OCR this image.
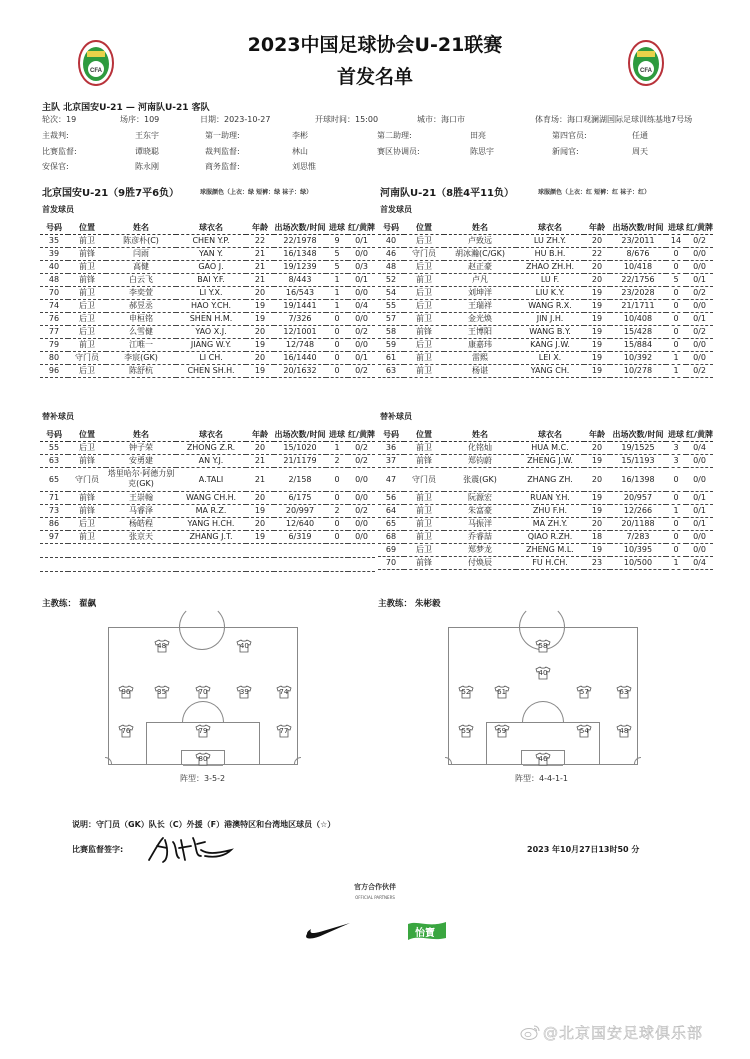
2023中国足球协会U-21联赛
首发名单
CFA	CFA
主队 北京国安U-21 — 河南队U-21 客队
轮次：19	场序：109	日期：2023-10-27	开球时间：15:00	城市：海口市	体育场：海口观澜湖国际足球训练基地7号场
主裁判:	王东宇	第一助理:	李彬	第二助理:	田亮	第四官员:	任通
比赛监督:	谭晓聪	裁判监督:	林山	赛区协调员:	陈思宇	新闻官:	周天
安保官:	陈永刚	商务监督:	刘思惟
北京国安U-21（9胜7平6负）	球服颜色（上衣：绿 短裤：绿 袜子：绿）	河南队U-21（8胜4平11负）	球服颜色（上衣：红 短裤：红 袜子：红）
首发球员	首发球员
号码	位置	姓名	球衣名	年龄	出场次数/时间	进球	红/黄牌
35	前卫	陈彦朴(C)	CHEN Y.P.	22	22/1978	9	0/1
39	前锋	闫雨	YAN Y.	21	16/1348	5	0/0
40	前卫	高健	GAO J.	21	19/1239	5	0/3
48	前锋	白云飞	BAI Y.F.	21	8/443	1	0/1
70	前卫	李奕萱	LI Y.X.	20	16/543	1	0/0
74	后卫	郝昱丞	HAO Y.CH.	19	19/1441	1	0/4
76	后卫	申桓铭	SHEN H.M.	19	7/326	0	0/0
77	后卫	么雪健	YAO X.J.	20	12/1001	0	0/2
79	前卫	江唯一	JIANG W.Y.	19	12/748	0	0/0
80	守门员	李宸(GK)	LI CH.	20	16/1440	0	0/1
96	后卫	陈舒杭	CHEN SH.H.	19	20/1632	0	0/2
号码	位置	姓名	球衣名	年龄	出场次数/时间	进球	红/黄牌
40	后卫	卢致远	LU ZH.Y.	20	23/2011	14	0/2
46	守门员	胡冰瀚(C/GK)	HU B.H.	22	8/676	0	0/0
48	后卫	赵正豪	ZHAO ZH.H.	20	10/418	0	0/0
52	前卫	卢凡	LU F.	20	22/1756	5	0/1
54	后卫	刘坤洋	LIU K.Y.	19	23/2028	0	0/2
55	后卫	王瑞祥	WANG R.X.	19	21/1711	0	0/0
57	前卫	金光焕	JIN J.H.	19	10/408	0	0/1
58	前锋	王博阳	WANG B.Y.	19	15/428	0	0/2
59	后卫	康嘉玮	KANG J.W.	19	15/884	0	0/0
61	前卫	雷熙	LEI X.	19	10/392	1	0/0
63	前卫	杨谌	YANG CH.	19	10/278	1	0/2
替补球员	替补球员
号码	位置	姓名	球衣名	年龄	出场次数/时间	进球	红/黄牌
55	后卫	钟子荣	ZHONG Z.R.	20	15/1020	1	0/2
63	前锋	安勇建	AN Y.J.	21	21/1179	2	0/2
65	守门员	塔里哈尔·阿德力别克(GK)	A.TALI	21	2/158	0	0/0
71	前锋	王崇翰	WANG CH.H.	20	6/175	0	0/0
73	前锋	马睿泽	MA R.Z.	19	20/997	2	0/2
86	后卫	杨皓程	YANG H.CH.	20	12/640	0	0/0
97	前卫	张京天	ZHANG J.T.	19	6/319	0	0/0

号码	位置	姓名	球衣名	年龄	出场次数/时间	进球	红/黄牌
36	前卫	化铭灿	HUA M.C.	20	19/1525	3	0/4
37	前锋	郑钧蔚	ZHENG J.W.	19	15/1193	3	0/0
47	守门员	张震(GK)	ZHANG ZH.	20	16/1398	0	0/0
56	前卫	阮源宏	RUAN Y.H.	19	20/957	0	0/1
64	前卫	朱富豪	ZHU F.H.	19	12/266	1	0/1
65	前卫	马振洋	MA ZH.Y.	20	20/1188	0	0/1
68	前卫	乔睿喆	QIAO R.ZH.	18	7/283	0	0/0
69	后卫	郑梦龙	ZHENG M.L.	19	10/395	0	0/0
70	前锋	付焕辰	FU H.CH.	23	10/500	1	0/4
主教练： 翟飙	主教练： 朱彬毅
48	40
96	35	70	39	74
76	79	77
80
阵型：3-5-2
58
40
52	61	57	63
55	59	54	48
46
阵型：4-4-1-1
说明：守门员（GK）队长（C）外援（F）港澳特区和台湾地区球员（☆）
比赛监督签字:	2023 年10月27日13时50 分
官方合作伙伴
OFFICIAL PARTNERS
怡寶
@北京国安足球俱乐部
